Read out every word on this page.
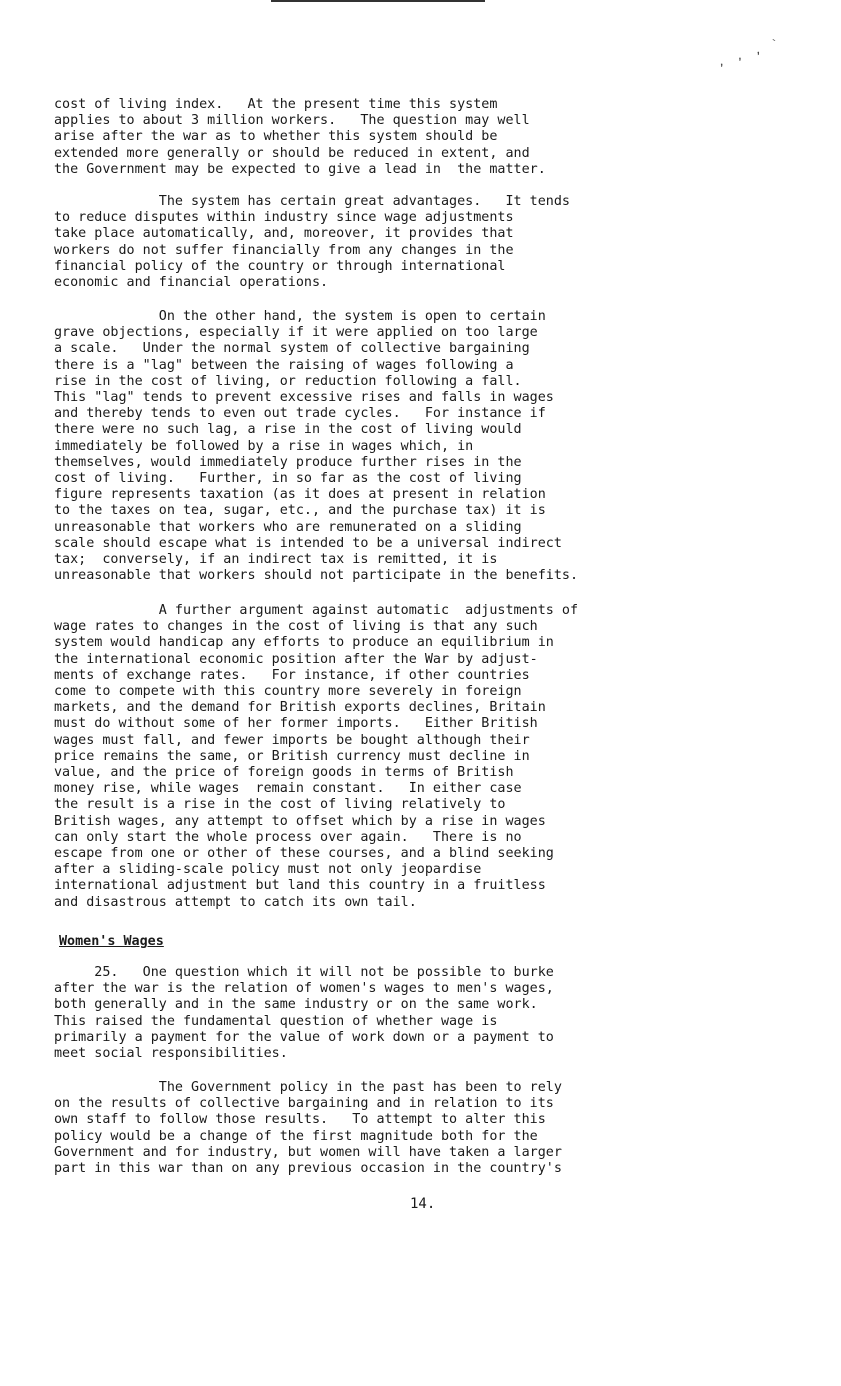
, , , `
cost of living index.   At the present time this system
applies to about 3 million workers.   The question may well
arise after the war as to whether this system should be
extended more generally or should be reduced in extent, and
the Government may be expected to give a lead in  the matter.
The system has certain great advantages.   It tends
to reduce disputes within industry since wage adjustments
take place automatically, and, moreover, it provides that
workers do not suffer financially from any changes in the
financial policy of the country or through international
economic and financial operations.
On the other hand, the system is open to certain
grave objections, especially if it were applied on too large
a scale.   Under the normal system of collective bargaining
there is a "lag" between the raising of wages following a
rise in the cost of living, or reduction following a fall.
This "lag" tends to prevent excessive rises and falls in wages
and thereby tends to even out trade cycles.   For instance if
there were no such lag, a rise in the cost of living would
immediately be followed by a rise in wages which, in
themselves, would immediately produce further rises in the
cost of living.   Further, in so far as the cost of living
figure represents taxation (as it does at present in relation
to the taxes on tea, sugar, etc., and the purchase tax) it is
unreasonable that workers who are remunerated on a sliding
scale should escape what is intended to be a universal indirect
tax;  conversely, if an indirect tax is remitted, it is
unreasonable that workers should not participate in the benefits.
A further argument against automatic  adjustments of
wage rates to changes in the cost of living is that any such
system would handicap any efforts to produce an equilibrium in
the international economic position after the War by adjust-
ments of exchange rates.   For instance, if other countries
come to compete with this country more severely in foreign
markets, and the demand for British exports declines, Britain
must do without some of her former imports.   Either British
wages must fall, and fewer imports be bought although their
price remains the same, or British currency must decline in
value, and the price of foreign goods in terms of British
money rise, while wages  remain constant.   In either case
the result is a rise in the cost of living relatively to
British wages, any attempt to offset which by a rise in wages
can only start the whole process over again.   There is no
escape from one or other of these courses, and a blind seeking
after a sliding-scale policy must not only jeopardise
international adjustment but land this country in a fruitless
and disastrous attempt to catch its own tail.
Women's Wages
25.   One question which it will not be possible to burke
after the war is the relation of women's wages to men's wages,
both generally and in the same industry or on the same work.
This raised the fundamental question of whether wage is
primarily a payment for the value of work down or a payment to
meet social responsibilities.
The Government policy in the past has been to rely
on the results of collective bargaining and in relation to its
own staff to follow those results.   To attempt to alter this
policy would be a change of the first magnitude both for the
Government and for industry, but women will have taken a larger
part in this war than on any previous occasion in the country's
14.
